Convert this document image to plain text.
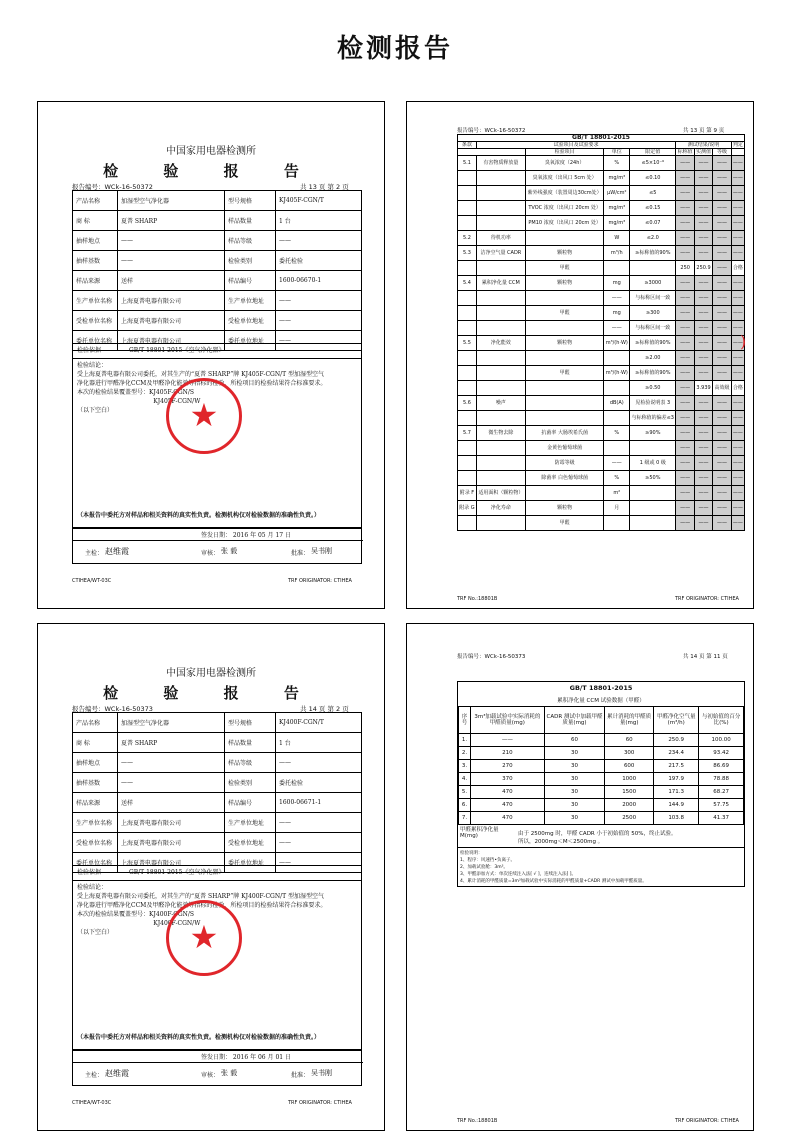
检测报告
中国家用电器检测所
检 验 报 告
报告编号：WCk-16-50372	共 13 页 第 2 页
产品名称	加湿型空气净化器	型号规格	KJ405F-CGN/T
商 标	夏普 SHARP	样品数量	1 台
抽样地点	——	样品等级	——
抽样基数	——	检验类别	委托检验
样品来源	送样	样品编号	1600-06670-1
生产单位名称	上海夏普电器有限公司	生产单位地址	——
受检单位名称	上海夏普电器有限公司	受检单位地址	——
委托单位名称	上海夏普电器有限公司	委托单位地址	——
检验依据	GB/T 18801-2015《空气净化器》

检验结论：

受上海夏普电器有限公司委托，对其生产的“夏普 SHARP”牌 KJ405F-CGN/T 型加湿型空气

净化器进行甲醛净化CCM及甲醛净化能效等指标的检验，所检项目的检验结果符合标准要求。

本次的检验结果覆盖型号：KJ405F-CGN/S

KJ405F-CGN/W

（以下空白）

（本报告中委托方对样品和相关资料的真实性负责。检测机构仅对检验数据的准确性负责。）
签发日期： 2016 年 05 月 17 日
主检： 赵维霞	审核： 张 毅	批准： 吴书刚
CTIHEA/WT-03C	TRF ORIGINATOR: CTIHEA
★
报告编号：WCk-16-50372	共 13 页 第 9 页
GB/T 18801-2015								
条款	试验项目及试验要求				测试结果/说明			判定
		检验项目	单位	限定值	标称值	实测值	等级	
5.1	有害物质释放量	臭氧浓度（24h）	%	≤5×10⁻⁶	——	——	——	——
		臭氧浓度（出风口 5cm 处）	mg/m³	≤0.10	——	——	——	——
		紫外线强度（装置周边30cm处）	μW/cm²	≤5	——	——	——	——
		TVOC 浓度（出风口 20cm 处）	mg/m³	≤0.15	——	——	——	——
		PM10 浓度（出风口 20cm 处）	mg/m³	≤0.07	——	——	——	——
5.2	待机功率		W	≤2.0	——	——	——	——
5.3	洁净空气量 CADR	颗粒物	m³/h	≥标称值的90%	——	——	——	——
		甲醛			250	250.9	——	合格
5.4	累积净化量 CCM	颗粒物	mg	≥3000	——	——	——	——
			——	与标称区间一致	——	——	——	——
		甲醛	mg	≥300	——	——	——	——
			——	与标称区间一致	——	——	——	——
5.5	净化能效	颗粒物	m³/(h·W)	≥标称值的90%	——	——	——	——
				≥2.00	——	——	——	——
		甲醛	m³/(h·W)	≥标称值的90%	——	——	——	——
				≥0.50	——	3.939	高效级	合格
5.6	噪声		dB(A)	见检验说明表 3	——	——	——	——
				与标称值的偏差≤3	——	——	——	——
5.7	微生物去除	抗菌率 大肠埃希氏菌	%	≥90%	——	——	——	——
		金黄色葡萄球菌			——	——	——	——
		防霉等级	——	1 级或 0 级	——	——	——	——
		除菌率 白色葡萄球菌	%	≥50%	——	——	——	——
附录 F	适用面积（颗粒物）		m²		——	——	——	——
附录 G	净化寿命	颗粒物	月		——	——	——	——
		甲醛			——	——	——	——
TRF No.:18801B	TRF ORIGINATOR: CTIHEA
)
中国家用电器检测所
检 验 报 告
报告编号：WCk-16-50373	共 14 页 第 2 页
产品名称	加湿型空气净化器	型号规格	KJ400F-CGN/T
商 标	夏普 SHARP	样品数量	1 台
抽样地点	——	样品等级	——
抽样基数	——	检验类别	委托检验
样品来源	送样	样品编号	1600-06671-1
生产单位名称	上海夏普电器有限公司	生产单位地址	——
受检单位名称	上海夏普电器有限公司	受检单位地址	——
委托单位名称	上海夏普电器有限公司	委托单位地址	——
检验依据	GB/T 18801-2015《空气净化器》

检验结论：

受上海夏普电器有限公司委托，对其生产的“夏普 SHARP”牌 KJ400F-CGN/T 型加湿型空气

净化器进行甲醛净化CCM及甲醛净化能效等指标的检验，所检项目的检验结果符合标准要求。

本次的检验结果覆盖型号：KJ400F-CGN/S

KJ400F-CGN/W

（以下空白）

（本报告中委托方对样品和相关资料的真实性负责。检测机构仅对检验数据的准确性负责。）
签发日期： 2016 年 06 月 01 日
主检： 赵维霞	审核： 张 毅	批准： 吴书刚
CTIHEA/WT-03C	TRF ORIGINATOR: CTIHEA
★
报告编号：WCk-16-50373	共 14 页 第 11 页
GB/T 18801-2015
累积净化量 CCM 试验数据（甲醛）
序号	3m³加载试验中实际消耗的甲醛质量(mg)	CADR 测试中加载甲醛质量(mg)	累计消耗的甲醛质量(mg)	甲醛净化空气量(m³/h)	与初始值的百分比(%)
1.	——	60	60	250.9	100.00
2.	210	30	300	234.4	93.42
3.	270	30	600	217.5	86.69
4.	370	30	1000	197.9	78.88
5.	470	30	1500	171.3	68.27
6.	470	30	2000	144.9	57.75
7.	470	30	2500	103.8	41.37
甲醛累积净化量 M(mg)	由于 2500mg 时，甲醛 CADR 小于初始值的 50%，终止试验。
所以，2000mg＜M＜2500mg 。
检验说明：
1、程序：风速挡•负离子。
2、加载试验舱：3m³。
3、甲醛添加方式：单次连续注入法[ √ ]，连续注入法[ ]。
4、累计消耗的甲醛质量=3m³加载试验中实际消耗的甲醛质量+CADR 测试中加载甲醛质量。
TRF No.:18801B	TRF ORIGINATOR: CTIHEA
